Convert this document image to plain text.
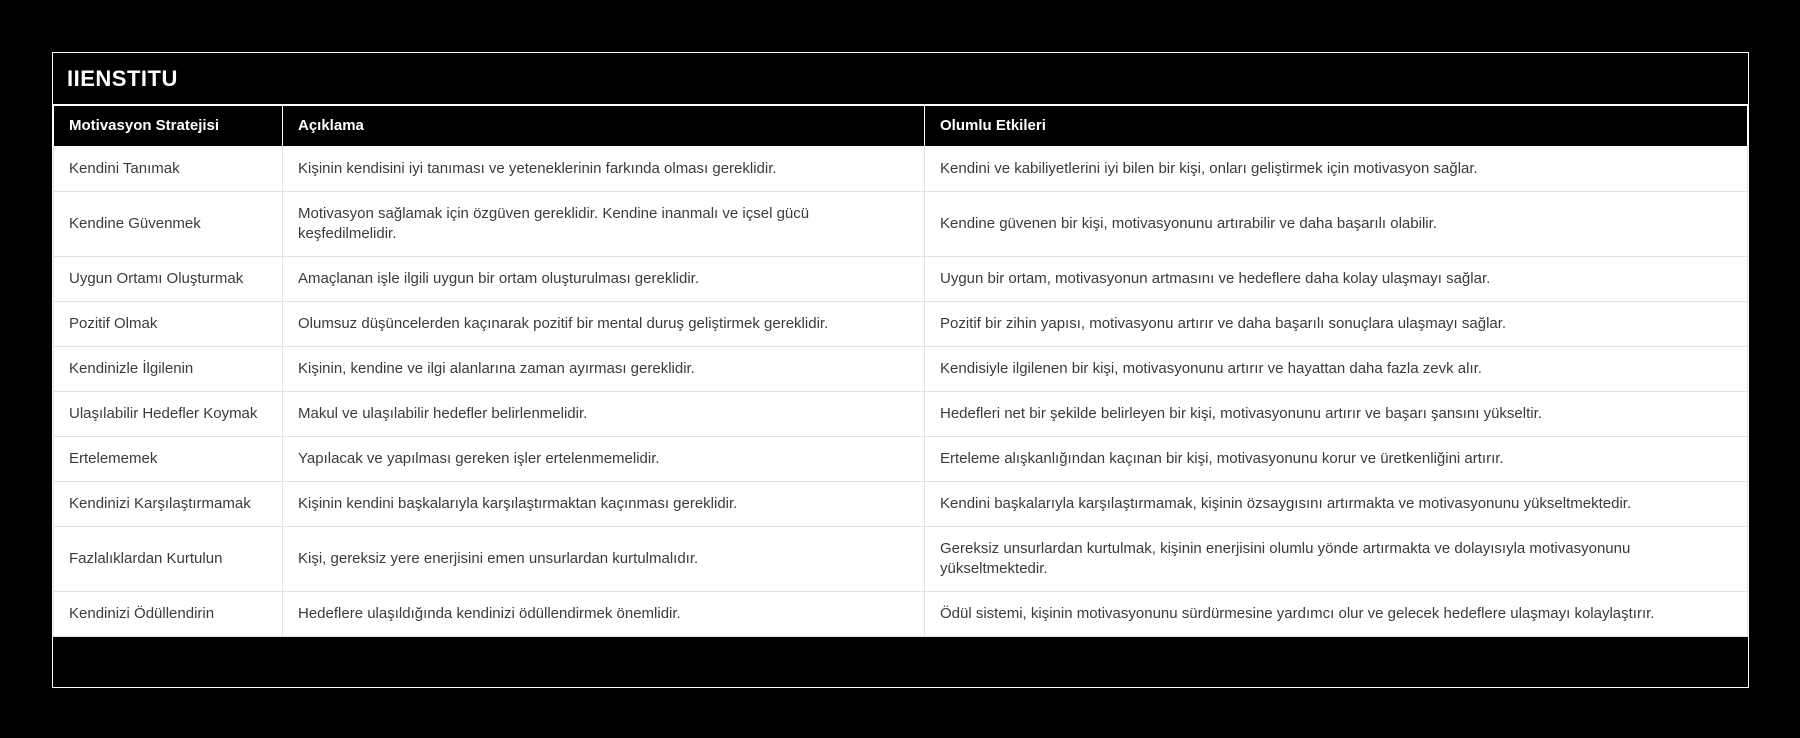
IIENSTITU
Motivasyon Stratejisi	Açıklama	Olumlu Etkileri
Kendini Tanımak	Kişinin kendisini iyi tanıması ve yeteneklerinin farkında olması gereklidir.	Kendini ve kabiliyetlerini iyi bilen bir kişi, onları geliştirmek için motivasyon sağlar.
Kendine Güvenmek	Motivasyon sağlamak için özgüven gereklidir. Kendine inanmalı ve içsel gücü keşfedilmelidir.	Kendine güvenen bir kişi, motivasyonunu artırabilir ve daha başarılı olabilir.
Uygun Ortamı Oluşturmak	Amaçlanan işle ilgili uygun bir ortam oluşturulması gereklidir.	Uygun bir ortam, motivasyonun artmasını ve hedeflere daha kolay ulaşmayı sağlar.
Pozitif Olmak	Olumsuz düşüncelerden kaçınarak pozitif bir mental duruş geliştirmek gereklidir.	Pozitif bir zihin yapısı, motivasyonu artırır ve daha başarılı sonuçlara ulaşmayı sağlar.
Kendinizle İlgilenin	Kişinin, kendine ve ilgi alanlarına zaman ayırması gereklidir.	Kendisiyle ilgilenen bir kişi, motivasyonunu artırır ve hayattan daha fazla zevk alır.
Ulaşılabilir Hedefler Koymak	Makul ve ulaşılabilir hedefler belirlenmelidir.	Hedefleri net bir şekilde belirleyen bir kişi, motivasyonunu artırır ve başarı şansını yükseltir.
Ertelememek	Yapılacak ve yapılması gereken işler ertelenmemelidir.	Erteleme alışkanlığından kaçınan bir kişi, motivasyonunu korur ve üretkenliğini artırır.
Kendinizi Karşılaştırmamak	Kişinin kendini başkalarıyla karşılaştırmaktan kaçınması gereklidir.	Kendini başkalarıyla karşılaştırmamak, kişinin özsaygısını artırmakta ve motivasyonunu yükseltmektedir.
Fazlalıklardan Kurtulun	Kişi, gereksiz yere enerjisini emen unsurlardan kurtulmalıdır.	Gereksiz unsurlardan kurtulmak, kişinin enerjisini olumlu yönde artırmakta ve dolayısıyla motivasyonunu yükseltmektedir.
Kendinizi Ödüllendirin	Hedeflere ulaşıldığında kendinizi ödüllendirmek önemlidir.	Ödül sistemi, kişinin motivasyonunu sürdürmesine yardımcı olur ve gelecek hedeflere ulaşmayı kolaylaştırır.
